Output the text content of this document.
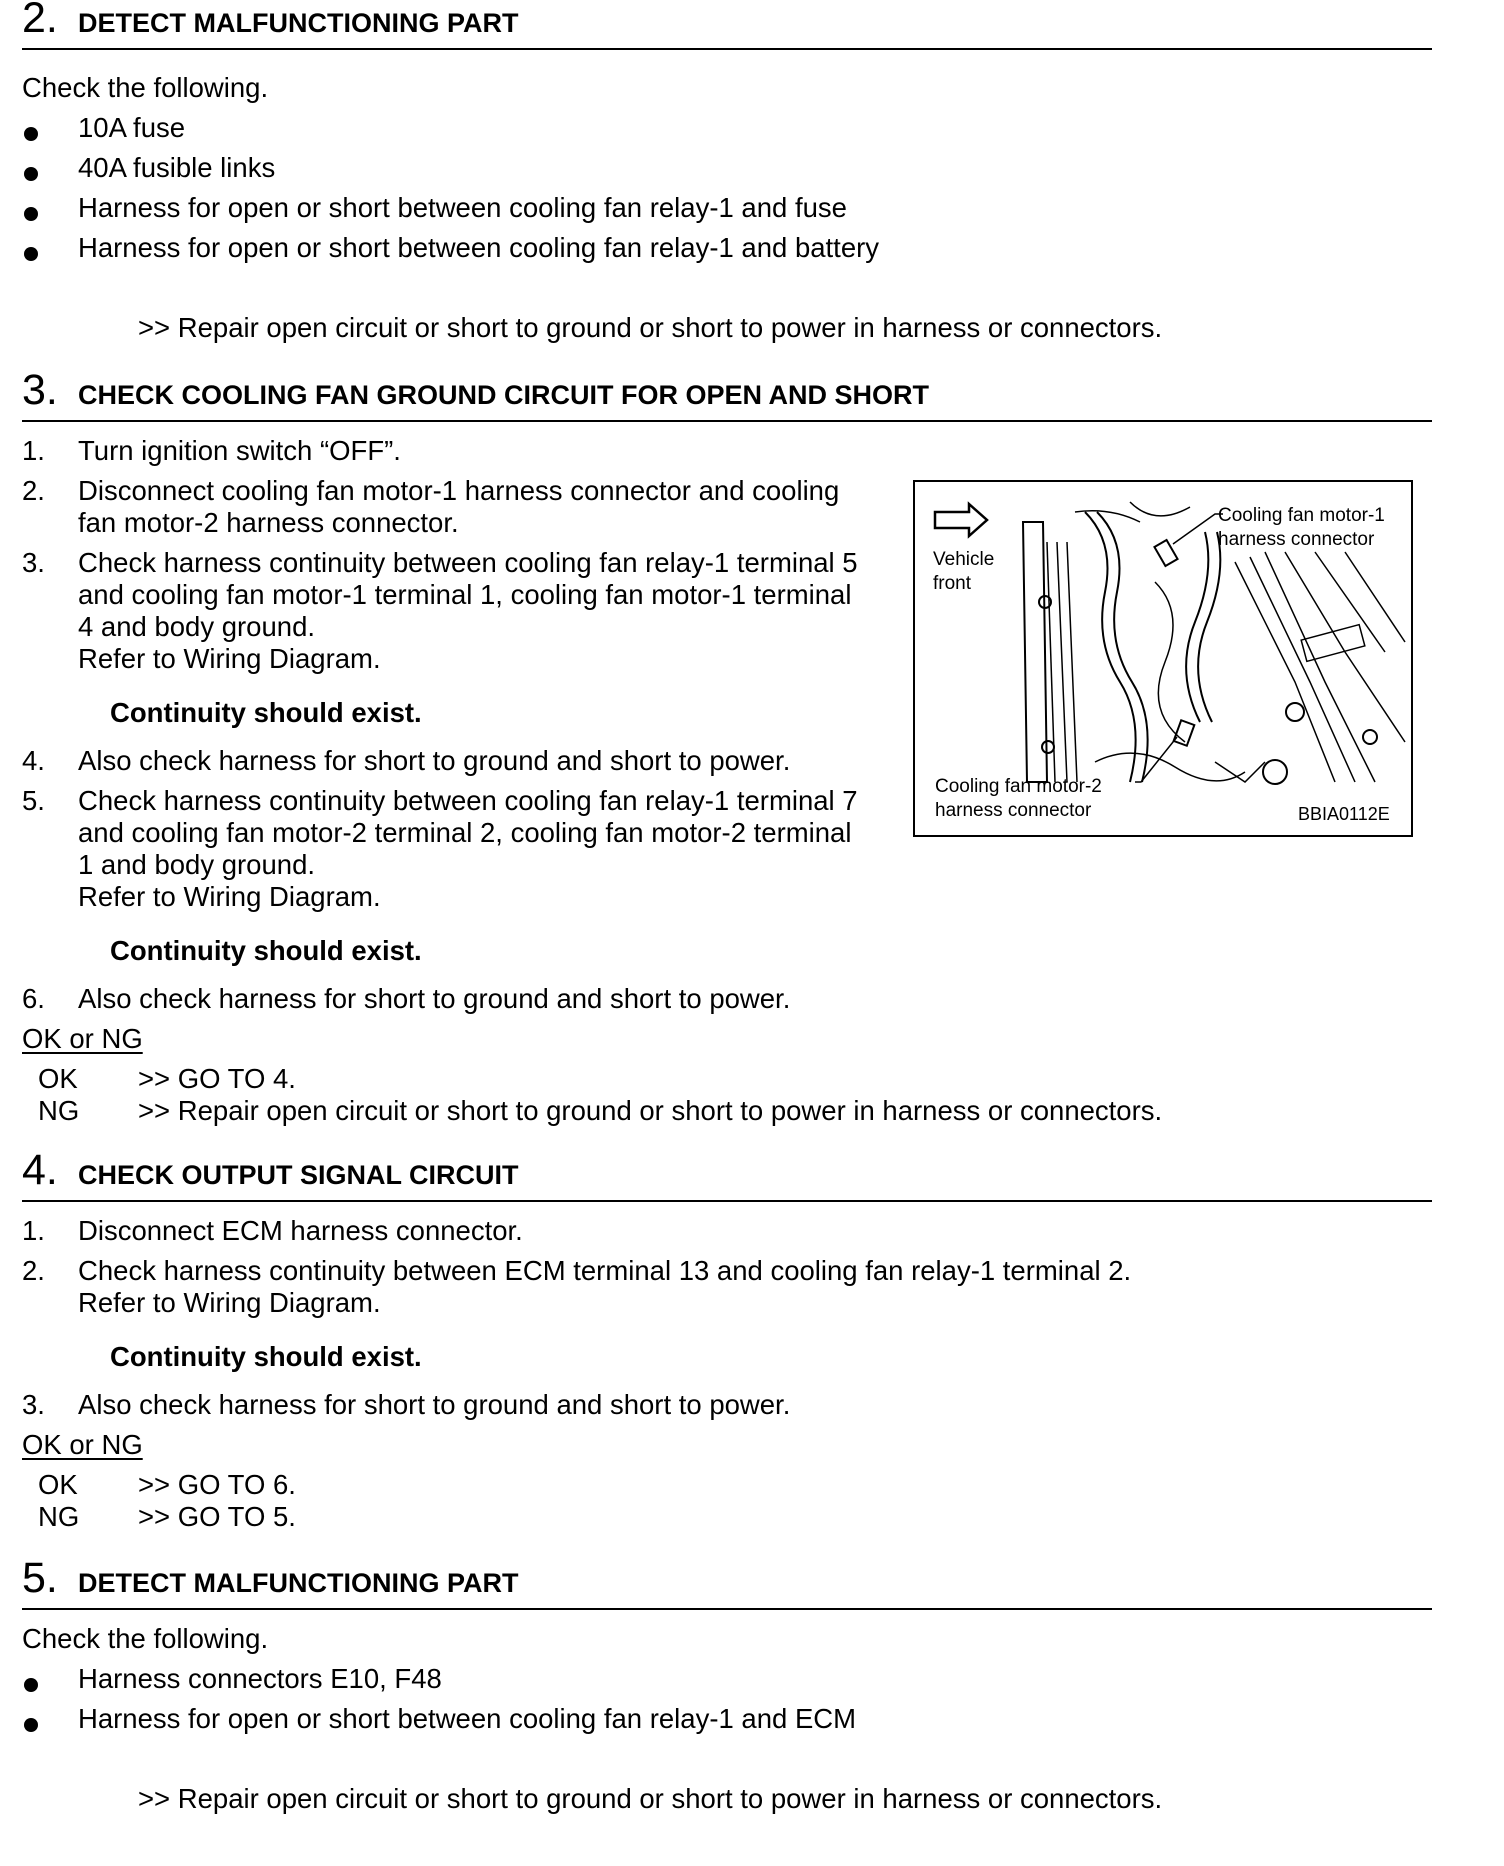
2. DETECT MALFUNCTIONING PART
Check the following.
10A fuse
40A fusible links
Harness for open or short between cooling fan relay-1 and fuse
Harness for open or short between cooling fan relay-1 and battery
>> Repair open circuit or short to ground or short to power in harness or connectors.
3. CHECK COOLING FAN GROUND CIRCUIT FOR OPEN AND SHORT
1. Turn ignition switch “OFF”.
2. Disconnect cooling fan motor-1 harness connector and cooling
fan motor-2 harness connector.
3. Check harness continuity between cooling fan relay-1 terminal 5
and cooling fan motor-1 terminal 1, cooling fan motor-1 terminal
4 and body ground.
Refer to Wiring Diagram.
Continuity should exist.
4. Also check harness for short to ground and short to power.
5. Check harness continuity between cooling fan relay-1 terminal 7
and cooling fan motor-2 terminal 2, cooling fan motor-2 terminal
1 and body ground.
Refer to Wiring Diagram.
Continuity should exist.
6. Also check harness for short to ground and short to power.
OK or NG
OK >> GO TO 4.
NG >> Repair open circuit or short to ground or short to power in harness or connectors.
Cooling fan motor-1
harness connector
Vehicle
front
Cooling fan motor-2
harness connector	BBIA0112E
4. CHECK OUTPUT SIGNAL CIRCUIT
1. Disconnect ECM harness connector.
2. Check harness continuity between ECM terminal 13 and cooling fan relay-1 terminal 2.
Refer to Wiring Diagram.
Continuity should exist.
3. Also check harness for short to ground and short to power.
OK or NG
OK >> GO TO 6.
NG >> GO TO 5.
5. DETECT MALFUNCTIONING PART
Check the following.
Harness connectors E10, F48
Harness for open or short between cooling fan relay-1 and ECM
>> Repair open circuit or short to ground or short to power in harness or connectors.
